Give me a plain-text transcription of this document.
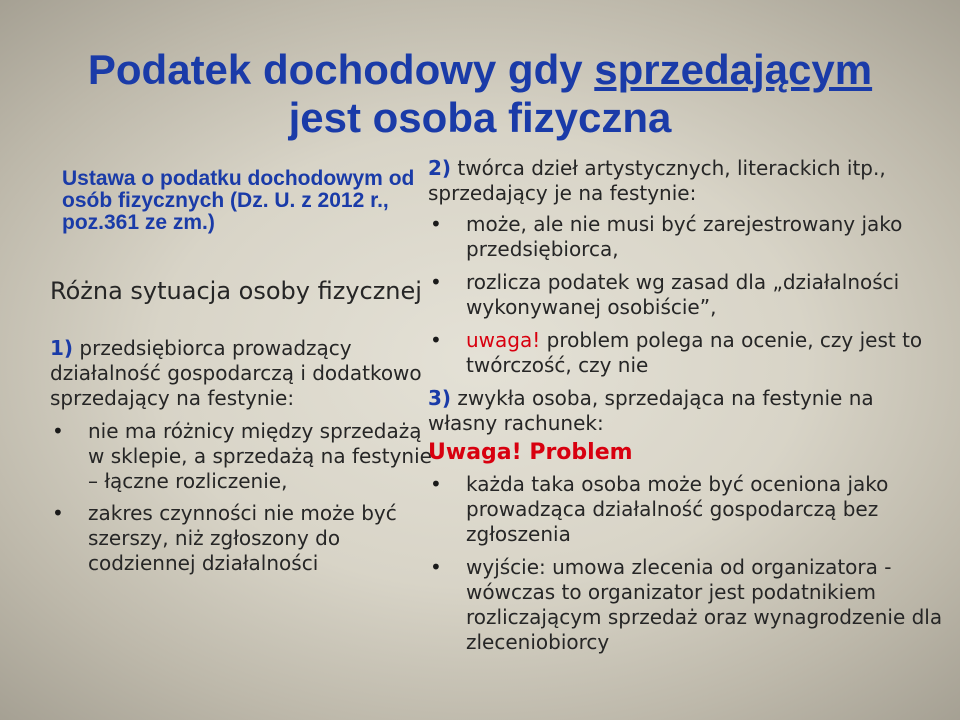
Podatek dochodowy gdy sprzedającym
jest osoba fizyczna

Ustawa o podatku dochodowym od osób fizycznych (Dz. U. z 2012 r., poz.361 ze zm.)

Różna sytuacja osoby fizycznej
1) przedsiębiorca prowadzący działalność gospodarczą i dodatkowo sprzedający na festynie:
• nie ma różnicy między sprzedażą w sklepie, a sprzedażą na festynie – łączne rozliczenie,
• zakres czynności nie może być szerszy, niż zgłoszony do codziennej działalności
2) twórca dzieł artystycznych, literackich itp., sprzedający je na festynie:
• może, ale nie musi być zarejestrowany jako przedsiębiorca,
• rozlicza podatek wg zasad dla „działalności wykonywanej osobiście”,
• uwaga! problem polega na ocenie, czy jest to twórczość, czy nie
3) zwykła osoba, sprzedająca na festynie na własny rachunek:
Uwaga! Problem
• każda taka osoba może być oceniona jako prowadząca działalność gospodarczą bez zgłoszenia
• wyjście: umowa zlecenia od organizatora - wówczas to organizator jest podatnikiem rozliczającym sprzedaż oraz wynagrodzenie dla zleceniobiorcy
